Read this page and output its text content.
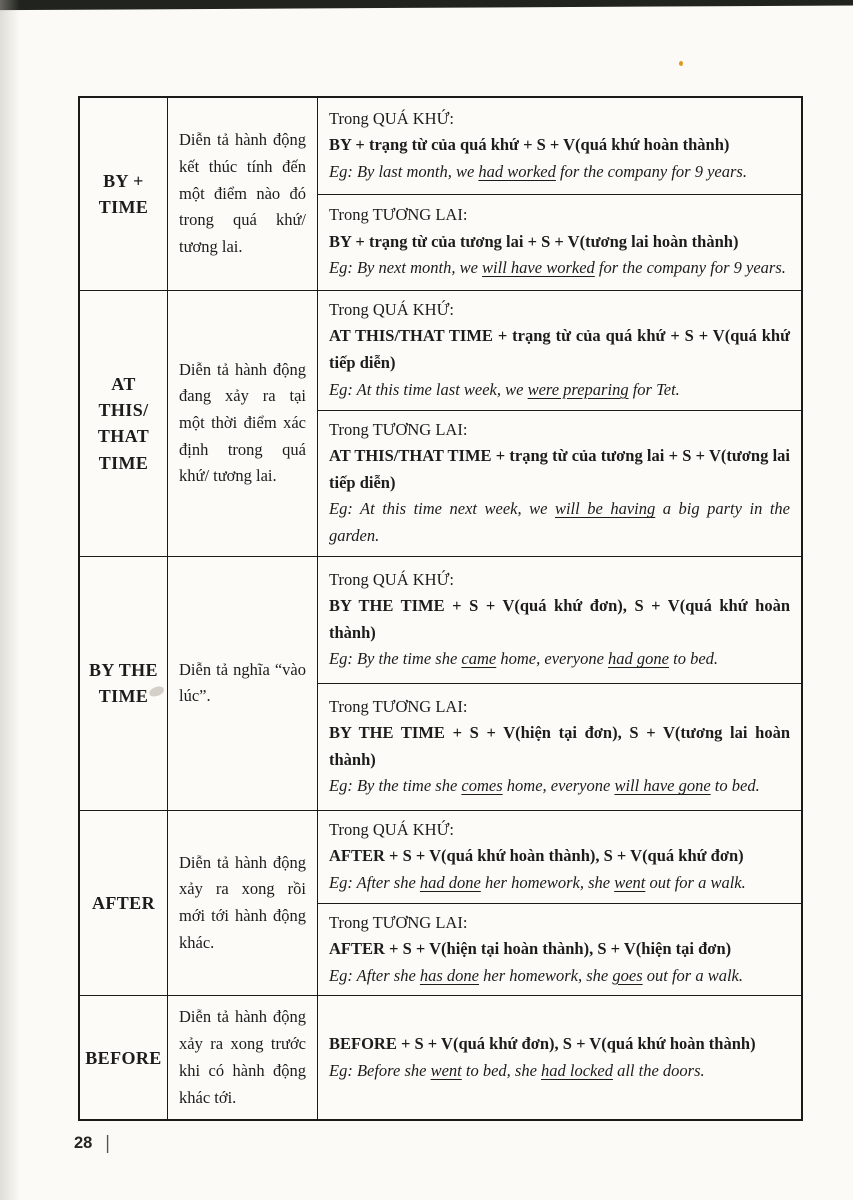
BY +
TIME
Diễn tả hành động kết thúc tính đến một điểm nào đó trong quá khứ/ tương lai.
Trong QUÁ KHỨ:
BY + trạng từ của quá khứ + S + V(quá khứ hoàn thành)
Eg: By last month, we had worked for the company for 9 years.
Trong TƯƠNG LAI:
BY + trạng từ của tương lai + S + V(tương lai hoàn thành)
Eg: By next month, we will have worked for the company for 9 years.
AT
THIS/
THAT
TIME
Diễn tả hành động đang xảy ra tại một thời điểm xác định trong quá khứ/ tương lai.
Trong QUÁ KHỨ:
AT THIS/THAT TIME + trạng từ của quá khứ + S + V(quá khứ tiếp diễn)
Eg: At this time last week, we were preparing for Tet.
Trong TƯƠNG LAI:
AT THIS/THAT TIME + trạng từ của tương lai + S + V(tương lai tiếp diễn)
Eg: At this time next week, we will be having a big party in the garden.
BY THE
TIME
Diễn tả nghĩa “vào lúc”.
Trong QUÁ KHỨ:
BY THE TIME + S + V(quá khứ đơn), S + V(quá khứ hoàn thành)
Eg: By the time she came home, everyone had gone to bed.
Trong TƯƠNG LAI:
BY THE TIME + S + V(hiện tại đơn), S + V(tương lai hoàn thành)
Eg: By the time she comes home, everyone will have gone to bed.
AFTER
Diễn tả hành động xảy ra xong rồi mới tới hành động khác.
Trong QUÁ KHỨ:
AFTER + S + V(quá khứ hoàn thành), S + V(quá khứ đơn)
Eg: After she had done her homework, she went out for a walk.
Trong TƯƠNG LAI:
AFTER + S + V(hiện tại hoàn thành), S + V(hiện tại đơn)
Eg: After she has done her homework, she goes out for a walk.
BEFORE
Diễn tả hành động xảy ra xong trước khi có hành động khác tới.
BEFORE + S + V(quá khứ đơn), S + V(quá khứ hoàn thành)
Eg: Before she went to bed, she had locked all the doors.
28 |
